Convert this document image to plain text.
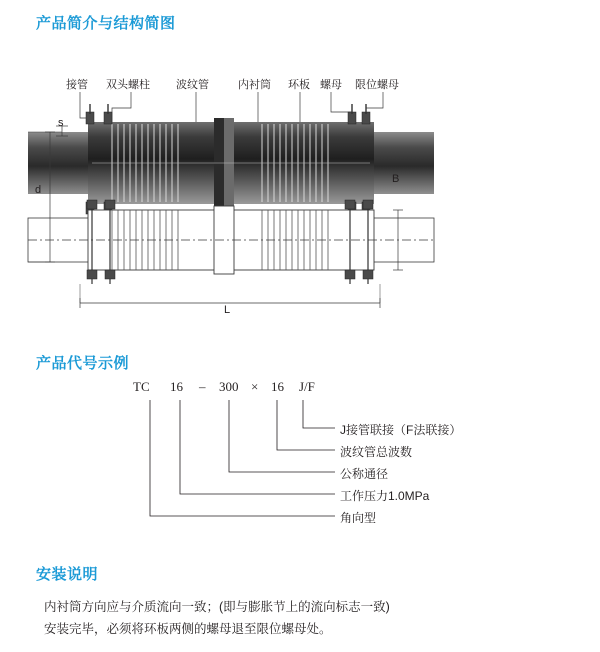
产品简介与结构简图
产品代号示例
安装说明
接管 双头螺柱 波纹管	内衬筒 环板 螺母 限位螺母
s
d
B
L
TC 16 – 300 × 16 J/F
J接管联接（F法联接）
波纹管总波数
公称通径
工作压力1.0MPa
角向型
内衬筒方向应与介质流向一致；(即与膨胀节上的流向标志一致)
安装完毕，必须将环板两侧的螺母退至限位螺母处。
